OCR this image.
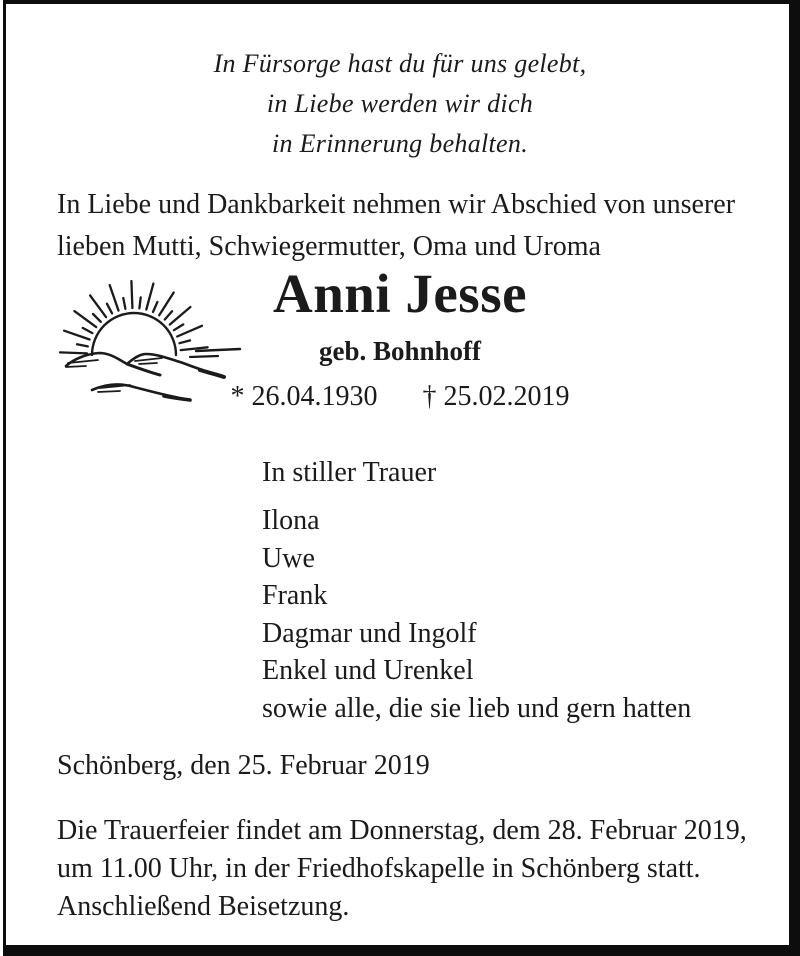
In Fürsorge hast du für uns gelebt,
in Liebe werden wir dich
in Erinnerung behalten.
In Liebe und Dankbarkeit nehmen wir Abschied von unserer
lieben Mutti, Schwiegermutter, Oma und Uroma
Anni Jesse
geb. Bohnhoff
* 26.04.1930 † 25.02.2019
In stiller Trauer
Ilona
Uwe
Frank
Dagmar und Ingolf
Enkel und Urenkel
sowie alle, die sie lieb und gern hatten
Schönberg, den 25. Februar 2019
Die Trauerfeier findet am Donnerstag, dem 28. Februar 2019,
um 11.00 Uhr, in der Friedhofskapelle in Schönberg statt.
Anschließend Beisetzung.
